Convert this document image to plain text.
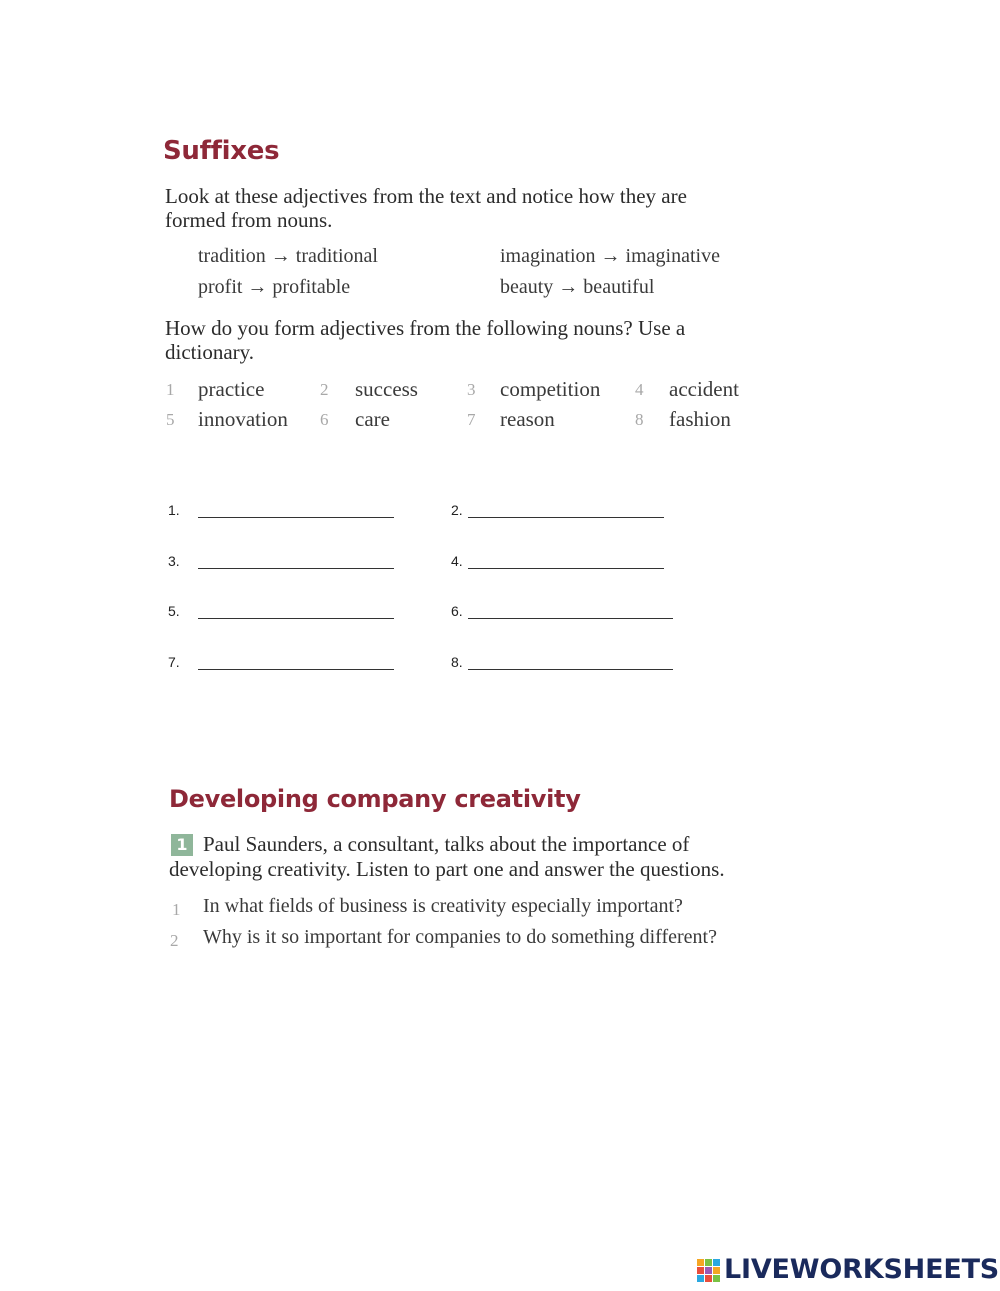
Suffixes
Look at these adjectives from the text and notice how they are
formed from nouns.
tradition → traditional	imagination → imaginative
profit → profitable	beauty → beautiful
How do you form adjectives from the following nouns? Use a
dictionary.
1 practice	2 success	3 competition 4 accident
5 innovation 6 care	7 reason	8 fashion
1.	2.
3.	4.
5.	6.
7.	8.
Developing company creativity
1 Paul Saunders, a consultant, talks about the importance of
developing creativity. Listen to part one and answer the questions.
1 In what fields of business is creativity especially important?
2 Why is it so important for companies to do something different?
LIVEWORKSHEETS
